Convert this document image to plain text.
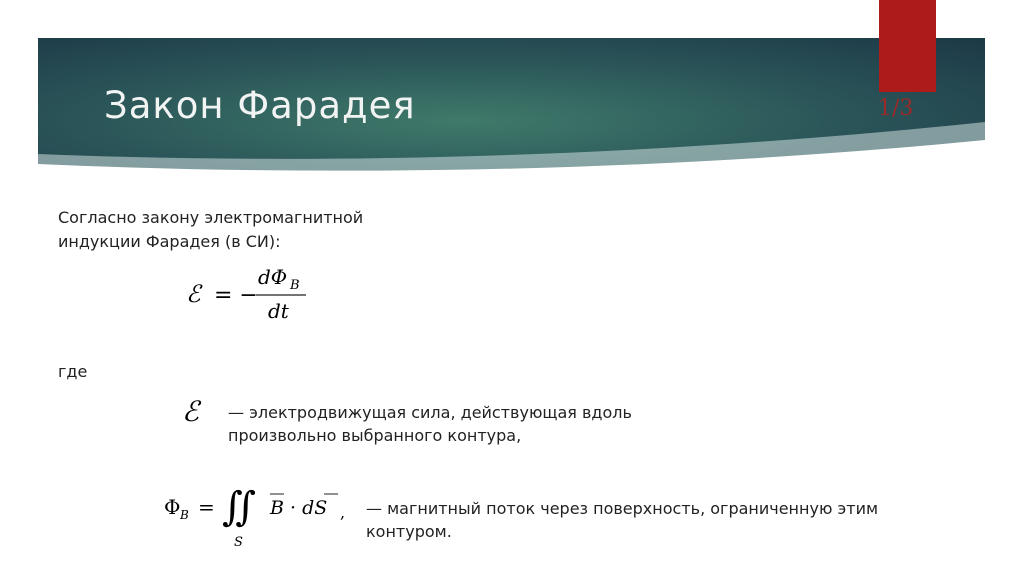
Закон Фарадея	1/3
Согласно закону электромагнитной индукции Фарадея (в СИ):
ℰ = −
dΦ B
dt
где
ℰ — электродвижущая сила, действующая вдоль произвольно выбранного контура,
Φ B = ∬
S
B · dS , — магнитный поток через поверхность, ограниченную этим контуром.
